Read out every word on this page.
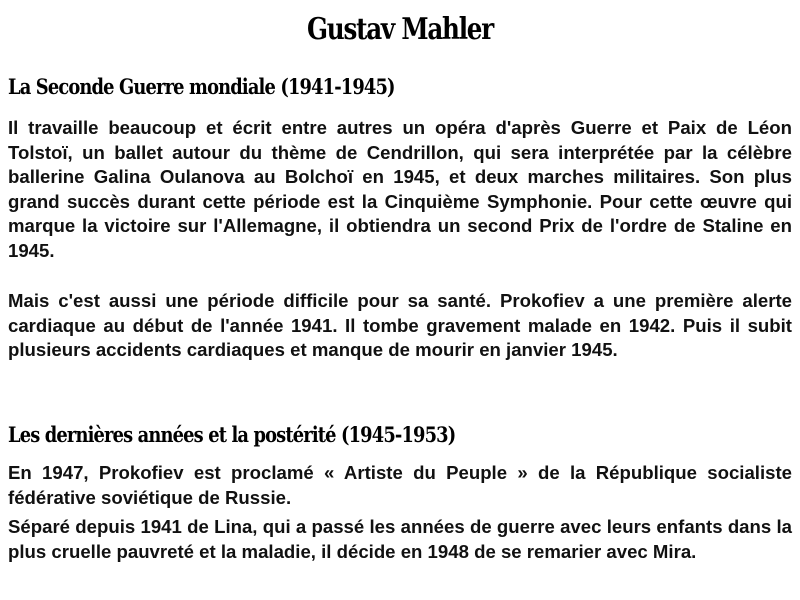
Gustav Mahler
La Seconde Guerre mondiale (1941-1945)

Il travaille beaucoup et écrit entre autres un opéra d'après Guerre et Paix de Léon Tolstoï, un ballet autour du thème de Cendrillon, qui sera interprétée par la célèbre ballerine Galina Oulanova au Bolchoï en 1945, et deux marches militaires. Son plus grand succès durant cette période est la Cinquième Symphonie. Pour cette œuvre qui marque la victoire sur l'Allemagne, il obtiendra un second Prix de l'ordre de Staline en 1945.

Mais c'est aussi une période difficile pour sa santé. Prokofiev a une première alerte cardiaque au début de l'année 1941. Il tombe gravement malade en 1942. Puis il subit plusieurs accidents cardiaques et manque de mourir en janvier 1945.

Les dernières années et la postérité (1945-1953)

En 1947, Prokofiev est proclamé « Artiste du Peuple » de la République socialiste fédérative soviétique de Russie.

Séparé depuis 1941 de Lina, qui a passé les années de guerre avec leurs enfants dans la plus cruelle pauvreté et la maladie, il décide en 1948 de se remarier avec Mira.
